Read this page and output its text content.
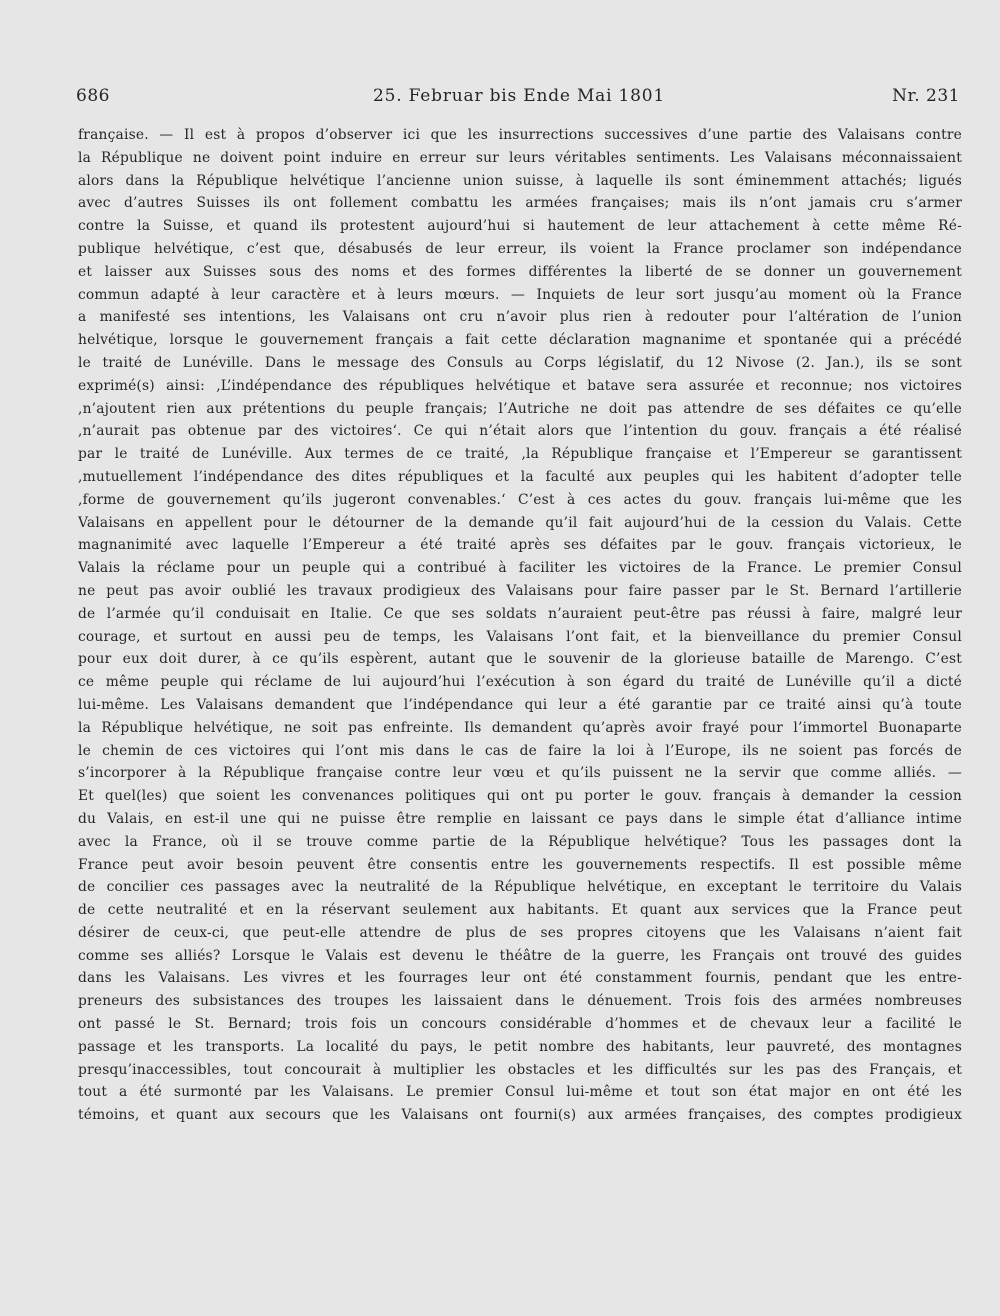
686	25. Februar bis Ende Mai 1801	Nr. 231
française. — Il est à propos d’observer ici que les insurrections successives d’une partie des Valaisans contre
la République ne doivent point induire en erreur sur leurs véritables sentiments. Les Valaisans méconnaissaient
alors dans la République helvétique l’ancienne union suisse, à laquelle ils sont éminemment attachés; ligués
avec d’autres Suisses ils ont follement combattu les armées françaises; mais ils n’ont jamais cru s’armer
contre la Suisse, et quand ils protestent aujourd’hui si hautement de leur attachement à cette même Ré-
publique helvétique, c’est que, désabusés de leur erreur, ils voient la France proclamer son indépendance
et laisser aux Suisses sous des noms et des formes différentes la liberté de se donner un gouvernement
commun adapté à leur caractère et à leurs mœurs. — Inquiets de leur sort jusqu’au moment où la France
a manifesté ses intentions, les Valaisans ont cru n’avoir plus rien à redouter pour l’altération de l’union
helvétique, lorsque le gouvernement français a fait cette déclaration magnanime et spontanée qui a précédé
le traité de Lunéville. Dans le message des Consuls au Corps législatif, du 12 Nivose (2. Jan.), ils se sont
exprimé(s) ainsi: ,L’indépendance des républiques helvétique et batave sera assurée et reconnue; nos victoires
,n’ajoutent rien aux prétentions du peuple français; l’Autriche ne doit pas attendre de ses défaites ce qu’elle
,n’aurait pas obtenue par des victoires‘. Ce qui n’était alors que l’intention du gouv. français a été réalisé
par le traité de Lunéville. Aux termes de ce traité, ,la République française et l’Empereur se garantissent
,mutuellement l’indépendance des dites républiques et la faculté aux peuples qui les habitent d’adopter telle
,forme de gouvernement qu’ils jugeront convenables.‘ C’est à ces actes du gouv. français lui-même que les
Valaisans en appellent pour le détourner de la demande qu’il fait aujourd’hui de la cession du Valais. Cette
magnanimité avec laquelle l’Empereur a été traité après ses défaites par le gouv. français victorieux, le
Valais la réclame pour un peuple qui a contribué à faciliter les victoires de la France. Le premier Consul
ne peut pas avoir oublié les travaux prodigieux des Valaisans pour faire passer par le St. Bernard l’artillerie
de l’armée qu’il conduisait en Italie. Ce que ses soldats n’auraient peut-être pas réussi à faire, malgré leur
courage, et surtout en aussi peu de temps, les Valaisans l’ont fait, et la bienveillance du premier Consul
pour eux doit durer, à ce qu’ils espèrent, autant que le souvenir de la glorieuse bataille de Marengo. C’est
ce même peuple qui réclame de lui aujourd’hui l’exécution à son égard du traité de Lunéville qu’il a dicté
lui-même. Les Valaisans demandent que l’indépendance qui leur a été garantie par ce traité ainsi qu’à toute
la République helvétique, ne soit pas enfreinte. Ils demandent qu’après avoir frayé pour l’immortel Buonaparte
le chemin de ces victoires qui l’ont mis dans le cas de faire la loi à l’Europe, ils ne soient pas forcés de
s’incorporer à la République française contre leur vœu et qu’ils puissent ne la servir que comme alliés. —
Et quel(les) que soient les convenances politiques qui ont pu porter le gouv. français à demander la cession
du Valais, en est-il une qui ne puisse être remplie en laissant ce pays dans le simple état d’alliance intime
avec la France, où il se trouve comme partie de la République helvétique? Tous les passages dont la
France peut avoir besoin peuvent être consentis entre les gouvernements respectifs. Il est possible même
de concilier ces passages avec la neutralité de la République helvétique, en exceptant le territoire du Valais
de cette neutralité et en la réservant seulement aux habitants. Et quant aux services que la France peut
désirer de ceux-ci, que peut-elle attendre de plus de ses propres citoyens que les Valaisans n’aient fait
comme ses alliés? Lorsque le Valais est devenu le théâtre de la guerre, les Français ont trouvé des guides
dans les Valaisans. Les vivres et les fourrages leur ont été constamment fournis, pendant que les entre-
preneurs des subsistances des troupes les laissaient dans le dénuement. Trois fois des armées nombreuses
ont passé le St. Bernard; trois fois un concours considérable d’hommes et de chevaux leur a facilité le
passage et les transports. La localité du pays, le petit nombre des habitants, leur pauvreté, des montagnes
presqu’inaccessibles, tout concourait à multiplier les obstacles et les difficultés sur les pas des Français, et
tout a été surmonté par les Valaisans. Le premier Consul lui-même et tout son état major en ont été les
témoins, et quant aux secours que les Valaisans ont fourni(s) aux armées françaises, des comptes prodigieux
